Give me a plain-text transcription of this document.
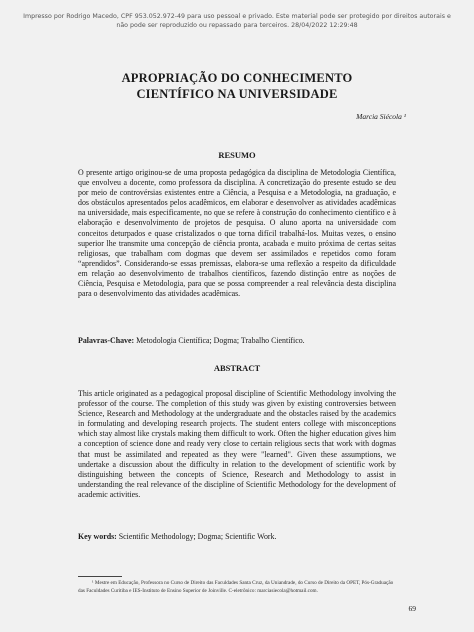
Impresso por Rodrigo Macedo, CPF 953.052.972-49 para uso pessoal e privado. Este material pode ser protegido por direitos autorais e
não pode ser reproduzido ou repassado para terceiros. 28/04/2022 12:29:48
APROPRIAÇÃO DO CONHECIMENTO
CIENTÍFICO NA UNIVERSIDADE
Marcia Siécola ¹
RESUMO

O presente artigo originou-se de uma proposta pedagógica da disciplina de Metodologia Científica, que envolveu a docente, como professora da disciplina. A concretização do presente estudo se deu por meio de controvérsias existentes entre a Ciência, a Pesquisa e a Metodologia, na graduação, e dos obstáculos apresentados pelos acadêmicos, em elaborar e desenvolver as atividades acadêmicas na universidade, mais especificamente, no que se refere à construção do conhecimento científico e à elaboração e desenvolvimento de projetos de pesquisa. O aluno aporta na universidade com conceitos deturpados e quase cristalizados o que torna difícil trabalhá-los. Muitas vezes, o ensino superior lhe transmite uma concepção de ciência pronta, acabada e muito próxima de certas seitas religiosas, que trabalham com dogmas que devem ser assimilados e repetidos como foram “aprendidos”. Considerando-se essas premissas, elabora-se uma reflexão a respeito da dificuldade em relação ao desenvolvimento de trabalhos científicos, fazendo distinção entre as noções de Ciência, Pesquisa e Metodologia, para que se possa compreender a real relevância desta disciplina para o desenvolvimento das atividades acadêmicas.

Palavras-Chave: Metodologia Científica; Dogma; Trabalho Científico.
ABSTRACT

This article originated as a pedagogical proposal discipline of Scientific Methodology involving the professor of the course. The completion of this study was given by existing controversies between Science, Research and Methodology at the undergraduate and the obstacles raised by the academics in formulating and developing research projects. The student enters college with misconceptions which stay almost like crystals making them difficult to work. Often the higher education gives him a conception of science done and ready very close to certain religious sects that work with dogmas that must be assimilated and repeated as they were "learned". Given these assumptions, we undertake a discussion about the difficulty in relation to the development of scientific work by distinguishing between the concepts of Science, Research and Methodology to assist in understanding the real relevance of the discipline of Scientific Methodology for the development of academic activities.

Key words: Scientific Methodology; Dogma; Scientific Work.
¹ Mestre em Educação, Professora no Curso de Direito das Faculdades Santa Cruz, da Uniandrade, do Curso de Direito da OPET, Pós-Graduação das Faculdades Curitiba e IES-Instituto de Ensino Superior de Joinville. C-eletrônico: marciasiecola@hotmail.com.
69
